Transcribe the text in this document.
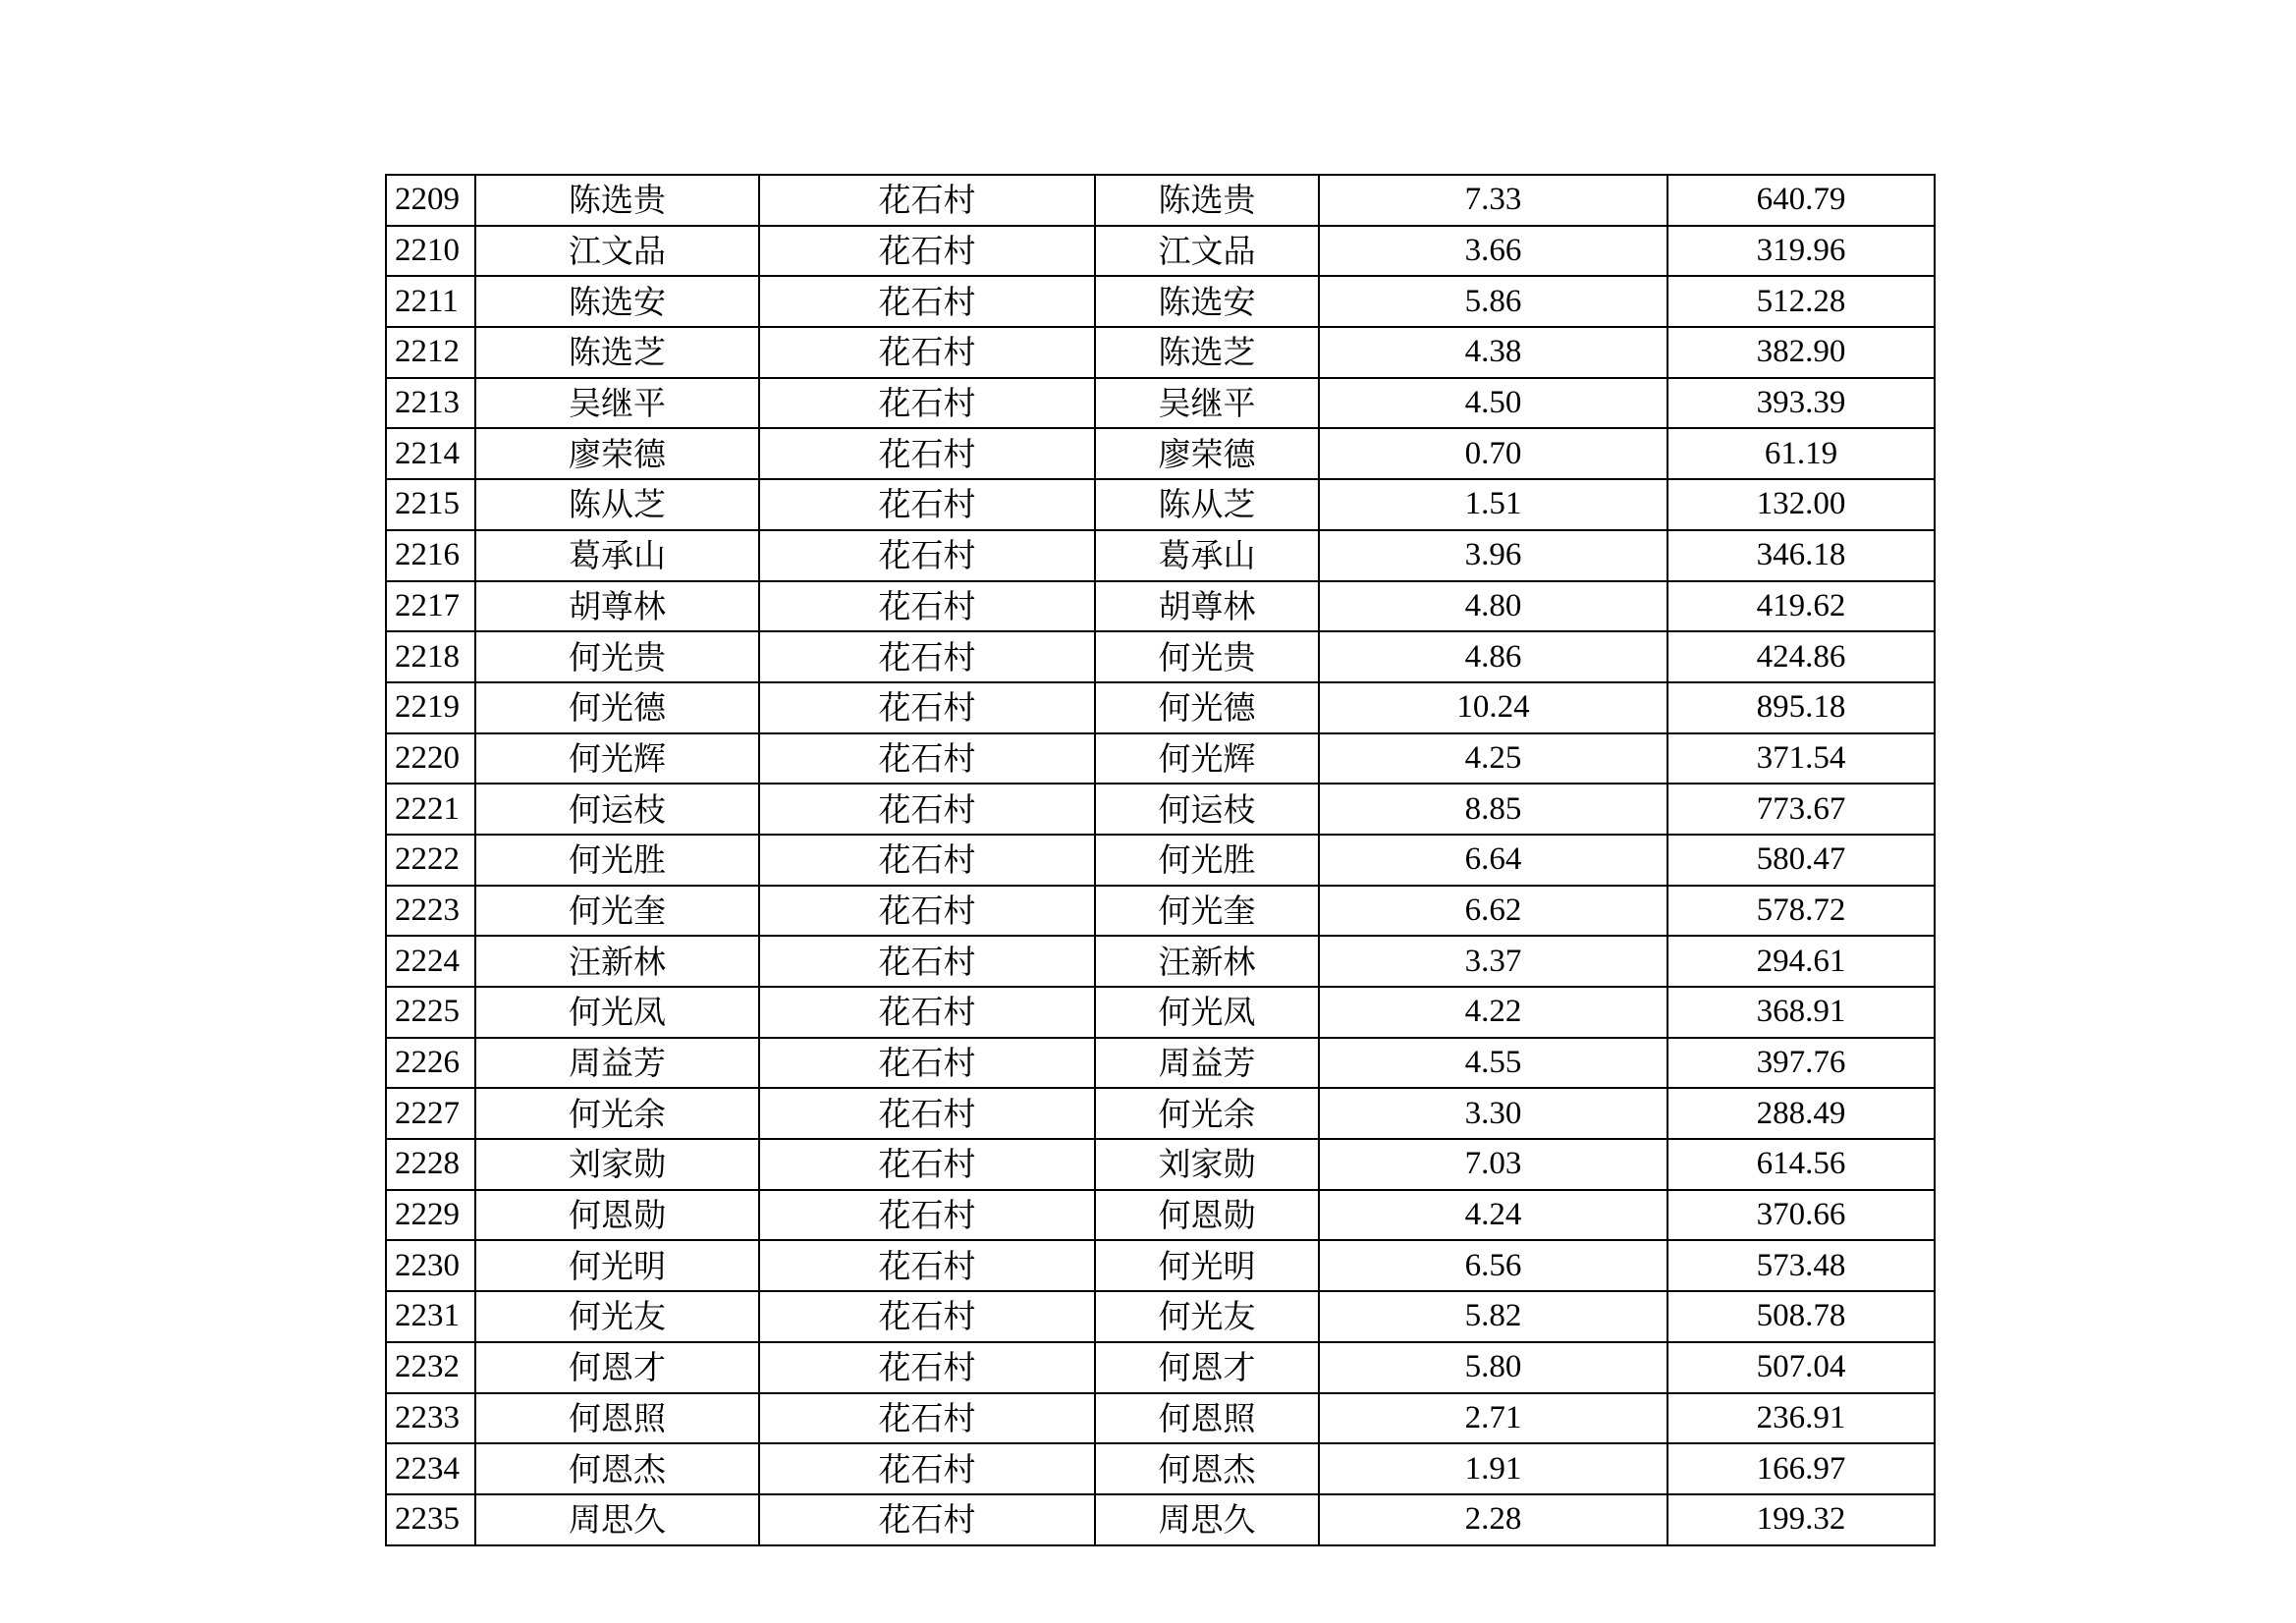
2209	陈选贵	花石村	陈选贵	7.33	640.79
2210	江文品	花石村	江文品	3.66	319.96
2211	陈选安	花石村	陈选安	5.86	512.28
2212	陈选芝	花石村	陈选芝	4.38	382.90
2213	吴继平	花石村	吴继平	4.50	393.39
2214	廖荣德	花石村	廖荣德	0.70	61.19
2215	陈从芝	花石村	陈从芝	1.51	132.00
2216	葛承山	花石村	葛承山	3.96	346.18
2217	胡尊林	花石村	胡尊林	4.80	419.62
2218	何光贵	花石村	何光贵	4.86	424.86
2219	何光德	花石村	何光德	10.24	895.18
2220	何光辉	花石村	何光辉	4.25	371.54
2221	何运枝	花石村	何运枝	8.85	773.67
2222	何光胜	花石村	何光胜	6.64	580.47
2223	何光奎	花石村	何光奎	6.62	578.72
2224	汪新林	花石村	汪新林	3.37	294.61
2225	何光凤	花石村	何光凤	4.22	368.91
2226	周益芳	花石村	周益芳	4.55	397.76
2227	何光余	花石村	何光余	3.30	288.49
2228	刘家勋	花石村	刘家勋	7.03	614.56
2229	何恩勋	花石村	何恩勋	4.24	370.66
2230	何光明	花石村	何光明	6.56	573.48
2231	何光友	花石村	何光友	5.82	508.78
2232	何恩才	花石村	何恩才	5.80	507.04
2233	何恩照	花石村	何恩照	2.71	236.91
2234	何恩杰	花石村	何恩杰	1.91	166.97
2235	周思久	花石村	周思久	2.28	199.32
